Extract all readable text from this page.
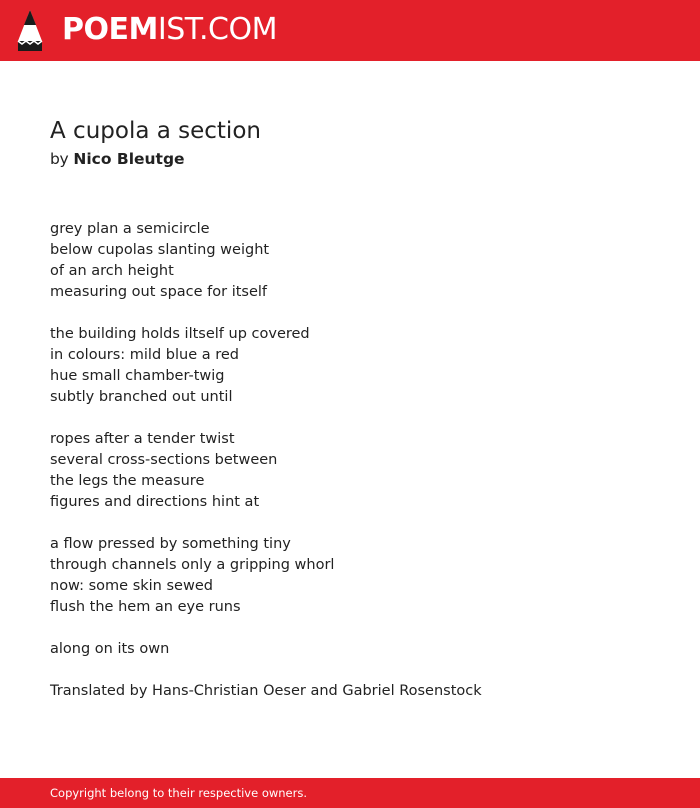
POEMIST.COM
A cupola a section
by Nico Bleutge
grey plan a semicircle
below cupolas slanting weight
of an arch height
measuring out space for itself
the building holds iltself up covered
in colours: mild blue a red
hue small chamber-twig
subtly branched out until
ropes after a tender twist
several cross-sections between
the legs the measure
figures and directions hint at
a flow pressed by something tiny
through channels only a gripping whorl
now: some skin sewed
flush the hem an eye runs
along on its own
Translated by Hans-Christian Oeser and Gabriel Rosenstock
Copyright belong to their respective owners.
